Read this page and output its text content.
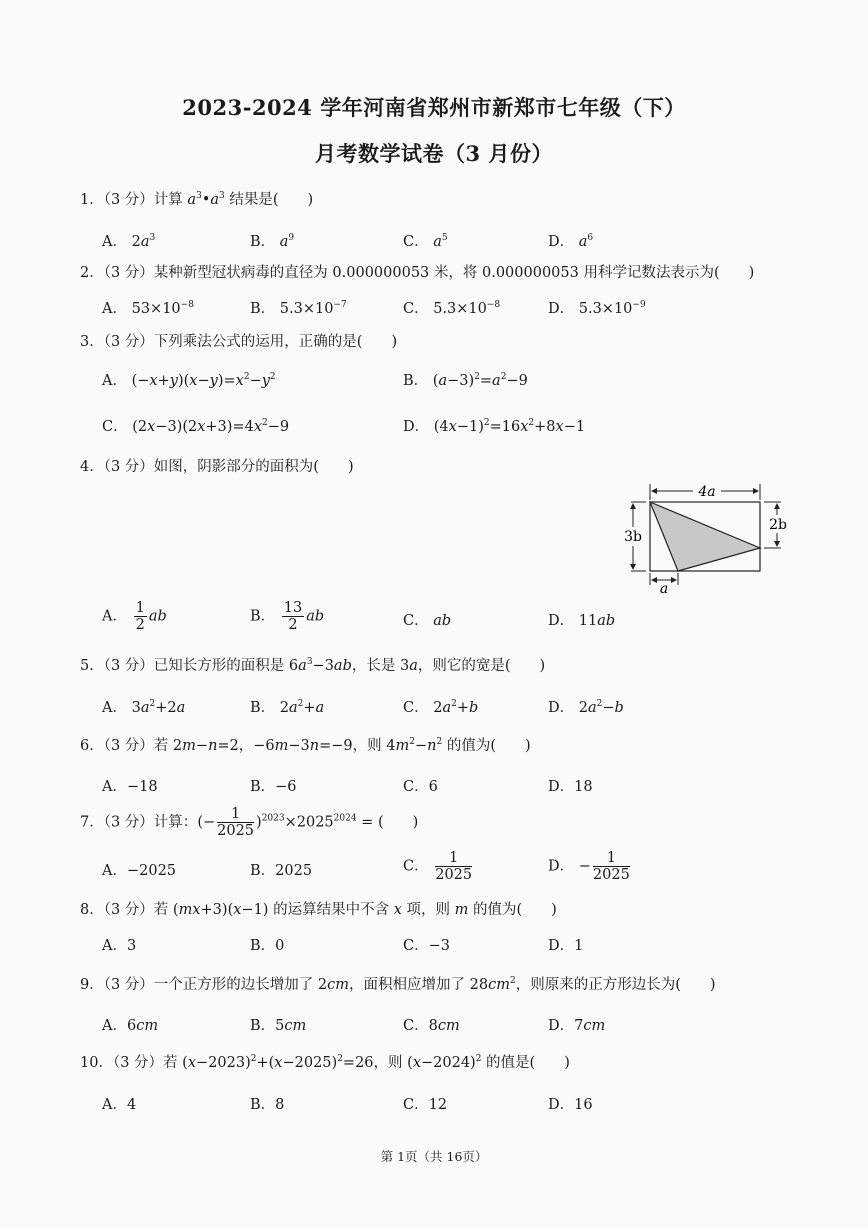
2023-2024 学年河南省郑州市新郑市七年级（下）
月考数学试卷（3 月份）
1．（3 分）计算 $a^3•a^3$ 结果是(　　)
A． $2a^3$	B． $a^9$	C． $a^5$	D． $a^6$
2．（3 分）某种新型冠状病毒的直径为 0.000000053 米，将 0.000000053 用科学记数法表示为(　　)
A． $53\times 10^{-8}$	B． $5.3\times 10^{-7}$	C． $5.3\times 10^{-8}$	D． $5.3\times 10^{-9}$
3．（3 分）下列乘法公式的运用，正确的是(　　)
A． $(-x+y)(x-y)=x^2-y^2$	B． $(a-3)^2=a^2-9$
C． $(2x-3)(2x+3)=4x^2-9$	D． $(4x-1)^2=16x^2+8x-1$
4．（3 分）如图，阴影部分的面积为(　　)
4a
3b
2b
a
A． $\frac{1}{2}$ ab	B． $\frac{13}{2}$ ab	C． ab	D． 11ab
5．（3 分）已知长方形的面积是 $6a^3-3ab$，长是 3a，则它的宽是(　　)
A． $3a^2+2a$	B． $2a^2+a$	C． $2a^2+b$	D． $2a^2-b$
6．（3 分）若 2m−n=2，−6m−3n=−9，则 $4m^2-n^2$ 的值为(　　)
A．−18	B．−6	C．6	D．18
7．（3 分）计算：(− $\frac{1}{2025} )^{2023}\times 2025^{2024}$ = (　　)
A．−2025	B．2025	C． $\frac{1}{2025}$	D． − $\frac{1}{2025}$
8．（3 分）若 (mx+3)(x−1) 的运算结果中不含 x 项，则 m 的值为(　　)
A．3	B．0	C．−3	D．1
9．（3 分）一个正方形的边长增加了 2cm，面积相应增加了 $28cm^2$，则原来的正方形边长为(　　)
A．6cm	B．5cm	C．8cm	D．7cm
10．（3 分）若 $(x-2023)^2+(x-2025)^2=26$，则 $(x-2024)^2$ 的值是(　　)
A．4	B．8	C．12	D．16
第 1页（共 16页）
